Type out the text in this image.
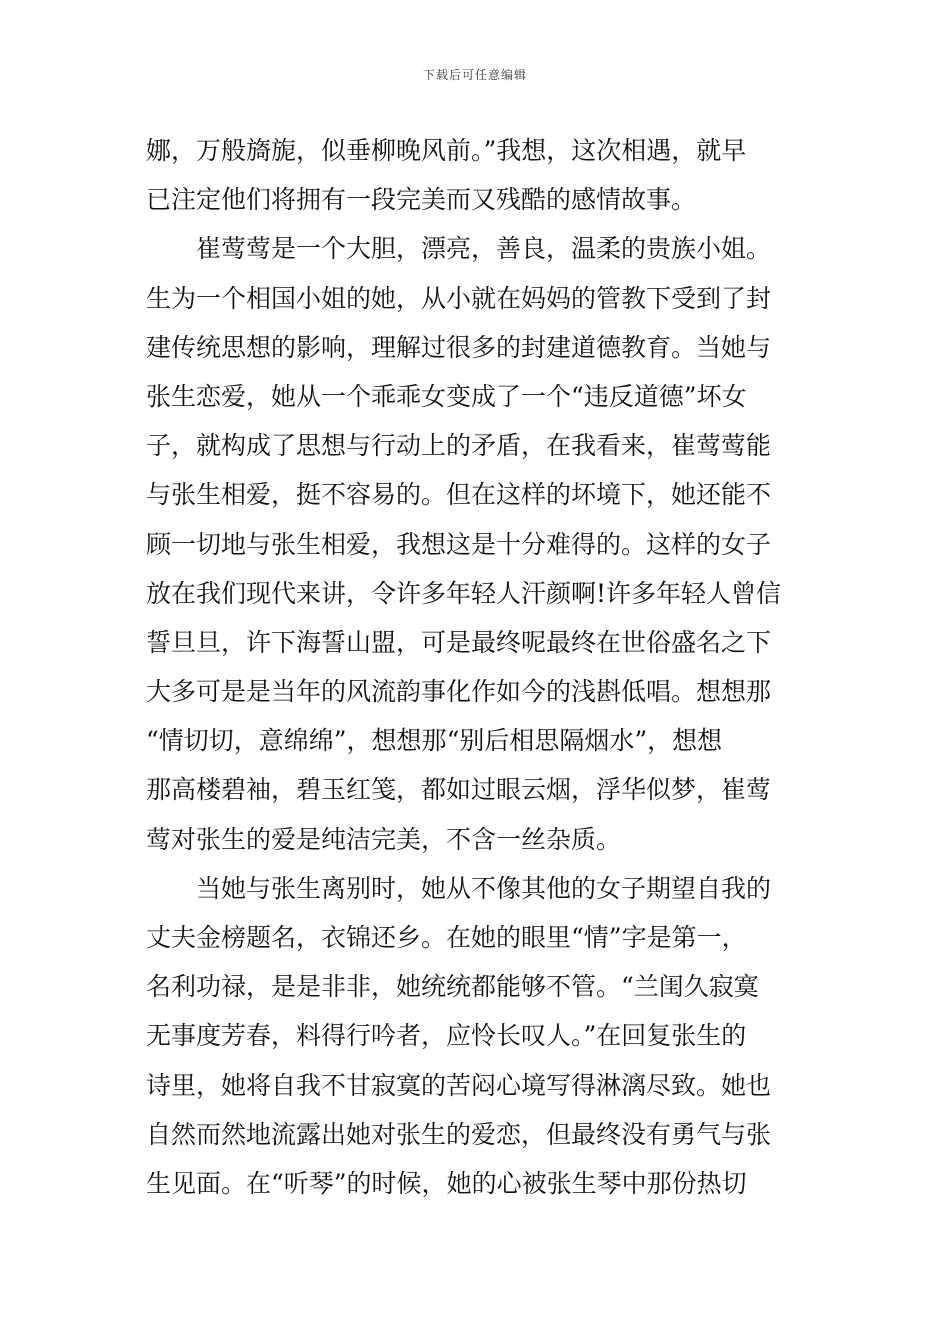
下载后可任意编辑
娜，万般旖旎，似垂柳晚风前。”我想，这次相遇，就早
已注定他们将拥有一段完美而又残酷的感情故事。
崔莺莺是一个大胆，漂亮，善良，温柔的贵族小姐。
生为一个相国小姐的她，从小就在妈妈的管教下受到了封
建传统思想的影响，理解过很多的封建道德教育。当她与
张生恋爱，她从一个乖乖女变成了一个“违反道德”坏女
子，就构成了思想与行动上的矛盾，在我看来，崔莺莺能
与张生相爱，挺不容易的。但在这样的坏境下，她还能不
顾一切地与张生相爱，我想这是十分难得的。这样的女子
放在我们现代来讲，令许多年轻人汗颜啊!许多年轻人曾信
誓旦旦，许下海誓山盟，可是最终呢最终在世俗盛名之下
大多可是是当年的风流韵事化作如今的浅斟低唱。想想那
“情切切，意绵绵”，想想那“别后相思隔烟水”，想想
那高楼碧袖，碧玉红笺，都如过眼云烟，浮华似梦，崔莺
莺对张生的爱是纯洁完美，不含一丝杂质。
当她与张生离别时，她从不像其他的女子期望自我的
丈夫金榜题名，衣锦还乡。在她的眼里“情”字是第一，
名利功禄，是是非非，她统统都能够不管。“兰闺久寂寞
无事度芳春，料得行吟者，应怜长叹人。”在回复张生的
诗里，她将自我不甘寂寞的苦闷心境写得淋漓尽致。她也
自然而然地流露出她对张生的爱恋，但最终没有勇气与张
生见面。在“听琴”的时候，她的心被张生琴中那份热切
